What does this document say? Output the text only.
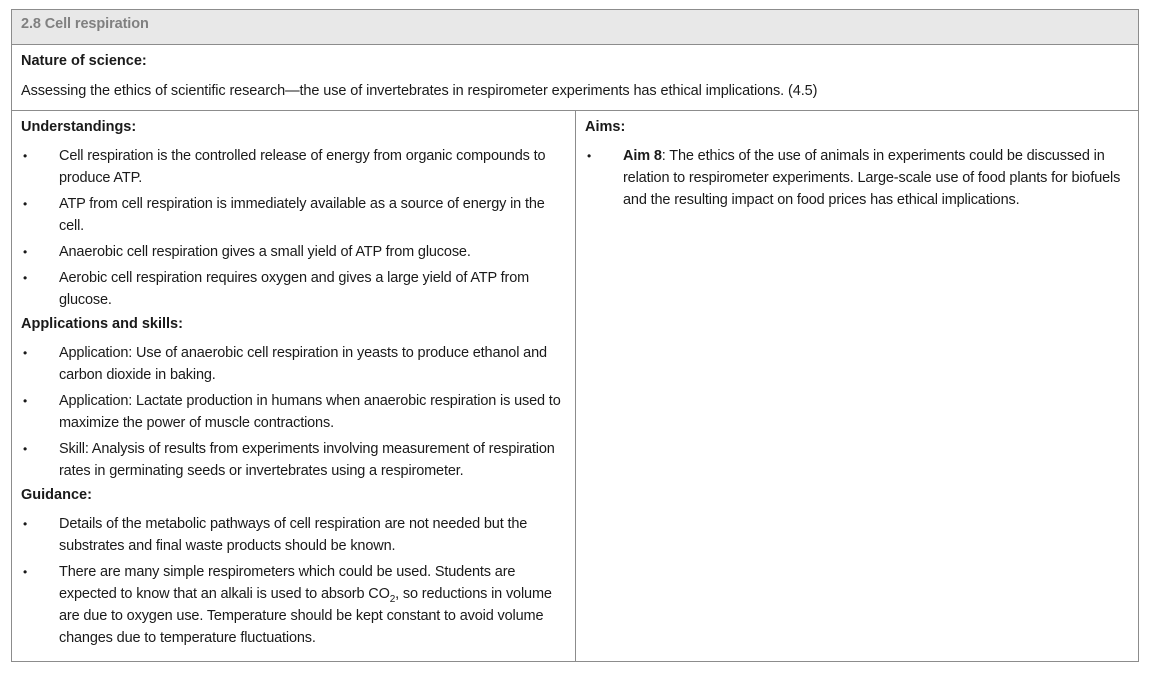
2.8 Cell respiration
Nature of science:
Assessing the ethics of scientific research—the use of invertebrates in respirometer experiments has ethical implications. (4.5)
Understandings:
• Cell respiration is the controlled release of energy from organic compounds to produce ATP.
• ATP from cell respiration is immediately available as a source of energy in the cell.
• Anaerobic cell respiration gives a small yield of ATP from glucose.
• Aerobic cell respiration requires oxygen and gives a large yield of ATP from glucose.
Applications and skills:
• Application: Use of anaerobic cell respiration in yeasts to produce ethanol and carbon dioxide in baking.
• Application: Lactate production in humans when anaerobic respiration is used to maximize the power of muscle contractions.
• Skill: Analysis of results from experiments involving measurement of respiration rates in germinating seeds or invertebrates using a respirometer.
Guidance:
• Details of the metabolic pathways of cell respiration are not needed but the substrates and final waste products should be known.
• There are many simple respirometers which could be used. Students are expected to know that an alkali is used to absorb $CO_2$, so reductions in volume are due to oxygen use. Temperature should be kept constant to avoid volume changes due to temperature fluctuations.
Aims:
• Aim 8: The ethics of the use of animals in experiments could be discussed in relation to respirometer experiments. Large-scale use of food plants for biofuels and the resulting impact on food prices has ethical implications.
